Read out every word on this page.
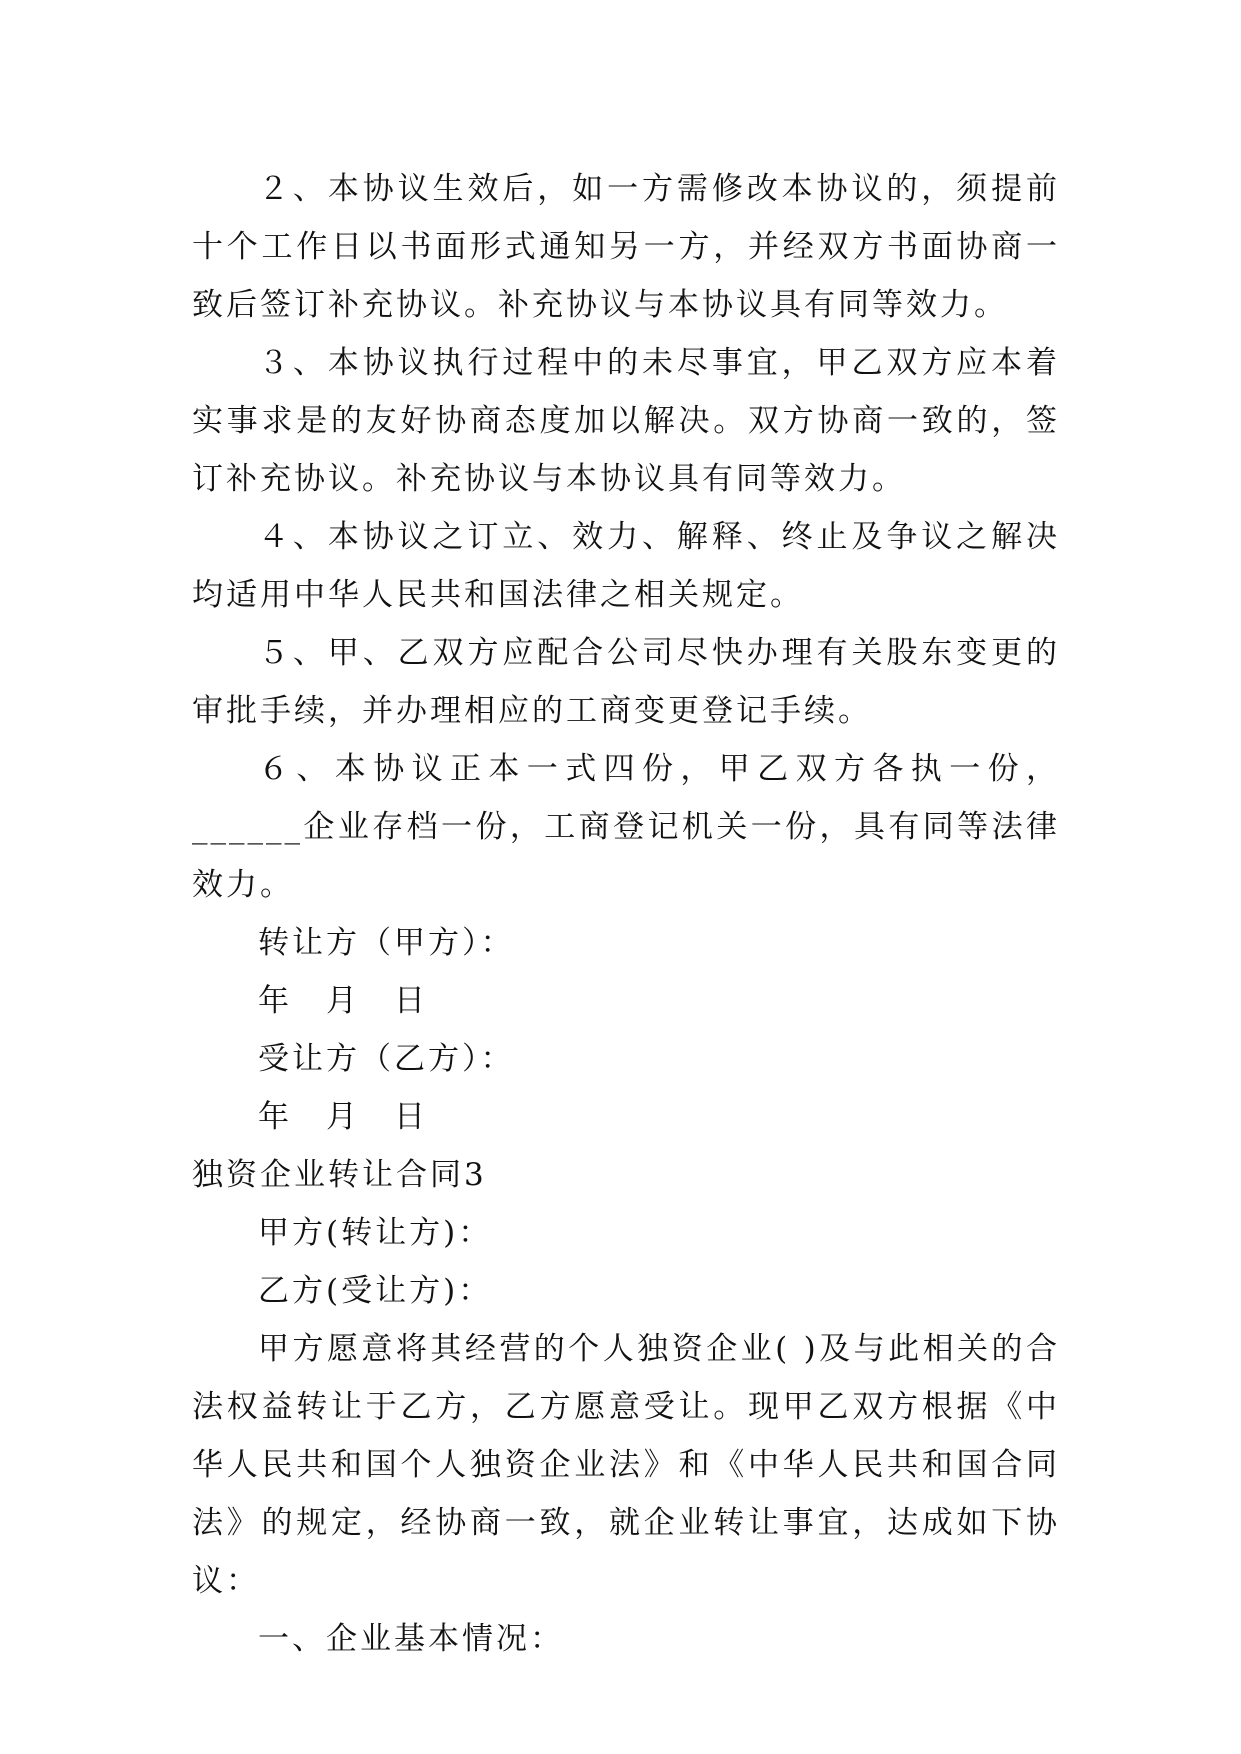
２、本协议生效后，如一方需修改本协议的，须提前十个工作日以书面形式通知另一方，并经双方书面协商一致后签订补充协议。补充协议与本协议具有同等效力。

３、本协议执行过程中的未尽事宜，甲乙双方应本着实事求是的友好协商态度加以解决。双方协商一致的，签订补充协议。补充协议与本协议具有同等效力。

４、本协议之订立、效力、解释、终止及争议之解决均适用中华人民共和国法律之相关规定。

５、甲、乙双方应配合公司尽快办理有关股东变更的审批手续，并办理相应的工商变更登记手续。

６、本协议正本一式四份，甲乙双方各执一份，______企业存档一份，工商登记机关一份，具有同等法律效力。

转让方（甲方）：

年　月　日

受让方（乙方）：

年　月　日

独资企业转让合同3

甲方(转让方)：

乙方(受让方)：

甲方愿意将其经营的个人独资企业( )及与此相关的合法权益转让于乙方，乙方愿意受让。现甲乙双方根据《中华人民共和国个人独资企业法》和《中华人民共和国合同法》的规定，经协商一致，就企业转让事宜，达成如下协议：

一、企业基本情况：
